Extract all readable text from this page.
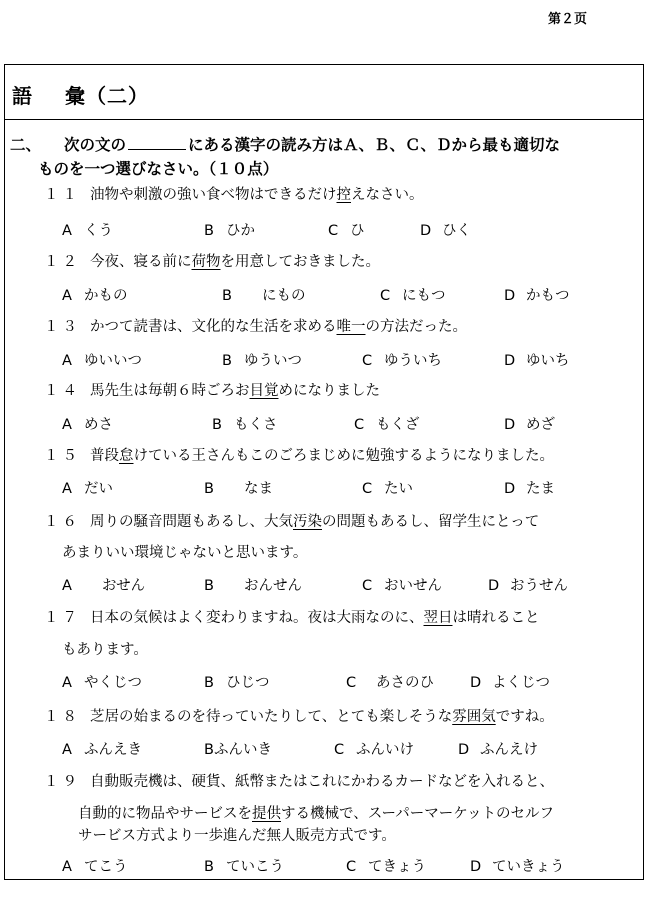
第２页
語 彙（二）
二、 次の文の	にある漢字の読み方はＡ、Ｂ、Ｃ、Ｄから最も適切な
ものを一つ選びなさい。（１０点）
１１ 油物や刺激の強い食べ物はできるだけ控えなさい。
A くう	B ひか	C ひ	D ひく
１２ 今夜、寝る前に荷物を用意しておきました。
A かもの	B にもの	C にもつ	D かもつ
１３ かつて読書は、文化的な生活を求める唯一の方法だった。
A ゆいいつ	B ゆういつ	C ゆういち	D ゆいち
１４ 馬先生は毎朝６時ごろお目覚めになりました
A めさ	B もくさ	C もくざ	D めざ
１５ 普段怠けている王さんもこのごろまじめに勉強するようになりました。
A だい	B なま	C たい	D たま
１６ 周りの騒音問題もあるし、大気汚染の問題もあるし、留学生にとって
あまりいい環境じゃないと思います。
A おせん	B おんせん	C おいせん	D おうせん
１７ 日本の気候はよく変わりますね。夜は大雨なのに、翌日は晴れること
もあります。
A やくじつ	B ひじつ	C あさのひ D よくじつ
１８ 芝居の始まるのを待っていたりして、とても楽しそうな雰囲気ですね。
A ふんえき	Bふんいき	C ふんいけ	D ふんえけ
１９ 自動販売機は、硬貨、紙幣またはこれにかわるカードなどを入れると、
自動的に物品やサービスを提供する機械で、スーパーマーケットのセルフ
サービス方式より一歩進んだ無人販売方式です。
A てこう	B ていこう	C てきょう	D ていきょう
